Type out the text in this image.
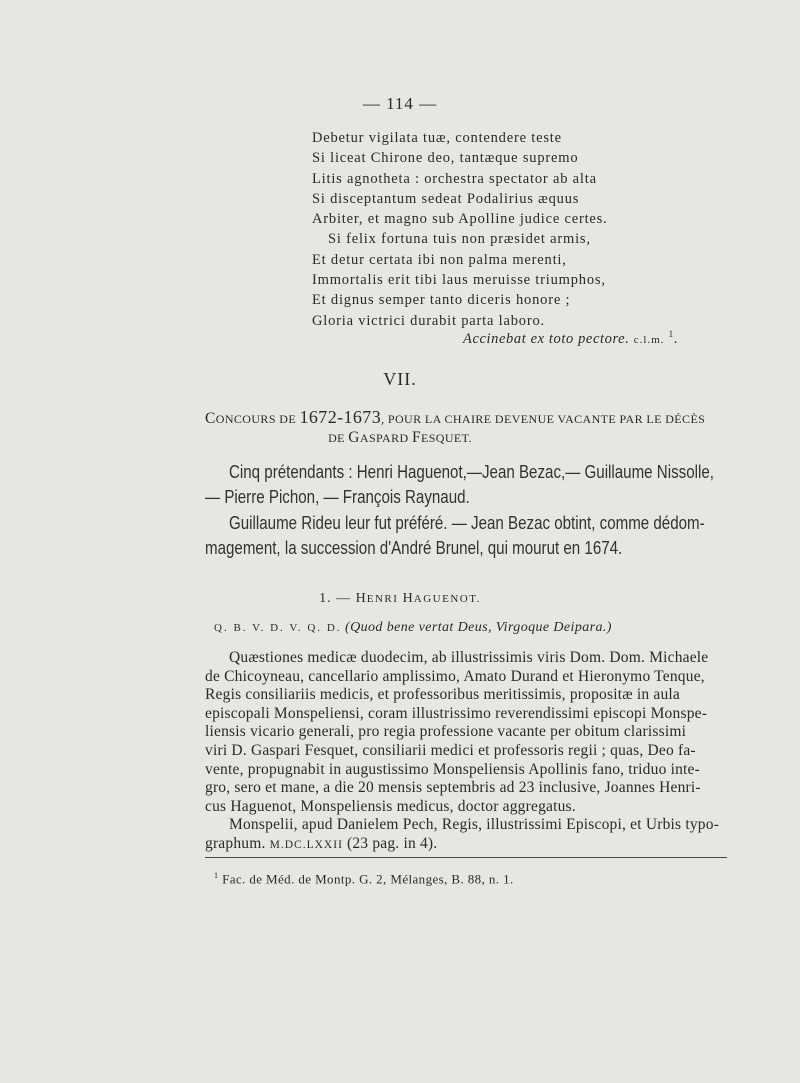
— 114 —
Debetur vigilata tuæ, contendere teste
Si liceat Chirone deo, tantæque supremo
Litis agnotheta : orchestra spectator ab alta
Si disceptantum sedeat Podalirius æquus
Arbiter, et magno sub Apolline judice certes.
Si felix fortuna tuis non præsidet armis,
Et detur certata ibi non palma merenti,
Immortalis erit tibi laus meruisse triumphos,
Et dignus semper tanto diceris honore ;
Gloria victrici durabit parta laboro.
Accinebat ex toto pectore. c.l.m. $^1$.
VII.
CONCOURS DE 1672-1673, POUR LA CHAIRE DEVENUE VACANTE PAR LE DÉCÈS
DE GASPARD FESQUET.
Cinq prétendants : Henri Haguenot,—Jean Bezac,— Guillaume Nissolle,
— Pierre Pichon, — François Raynaud.
Guillaume Rideu leur fut préféré. — Jean Bezac obtint, comme dédom-
magement, la succession d'André Brunel, qui mourut en 1674.
1. — HENRI HAGUENOT.
Q. B. V. D. V. Q. D. (Quod bene vertat Deus, Virgoque Deipara.)
Quæstiones medicæ duodecim, ab illustrissimis viris Dom. Dom. Michaele
de Chicoyneau, cancellario amplissimo, Amato Durand et Hieronymo Tenque,
Regis consiliariis medicis, et professoribus meritissimis, propositæ in aula
episcopali Monspeliensi, coram illustrissimo reverendissimi episcopi Monspe-
liensis vicario generali, pro regia professione vacante per obitum clarissimi
viri D. Gaspari Fesquet, consiliarii medici et professoris regii ; quas, Deo fa-
vente, propugnabit in augustissimo Monspeliensis Apollinis fano, triduo inte-
gro, sero et mane, a die 20 mensis septembris ad 23 inclusive, Joannes Henri-
cus Haguenot, Monspeliensis medicus, doctor aggregatus.
$^1$ Fac. de Méd. de Montp. G. 2, Mélanges, B. 88, n. 1.
Monspelii, apud Danielem Pech, Regis, illustrissimi Episcopi, et Urbis typo-
graphum. M.DC.LXXII (23 pag. in 4).
